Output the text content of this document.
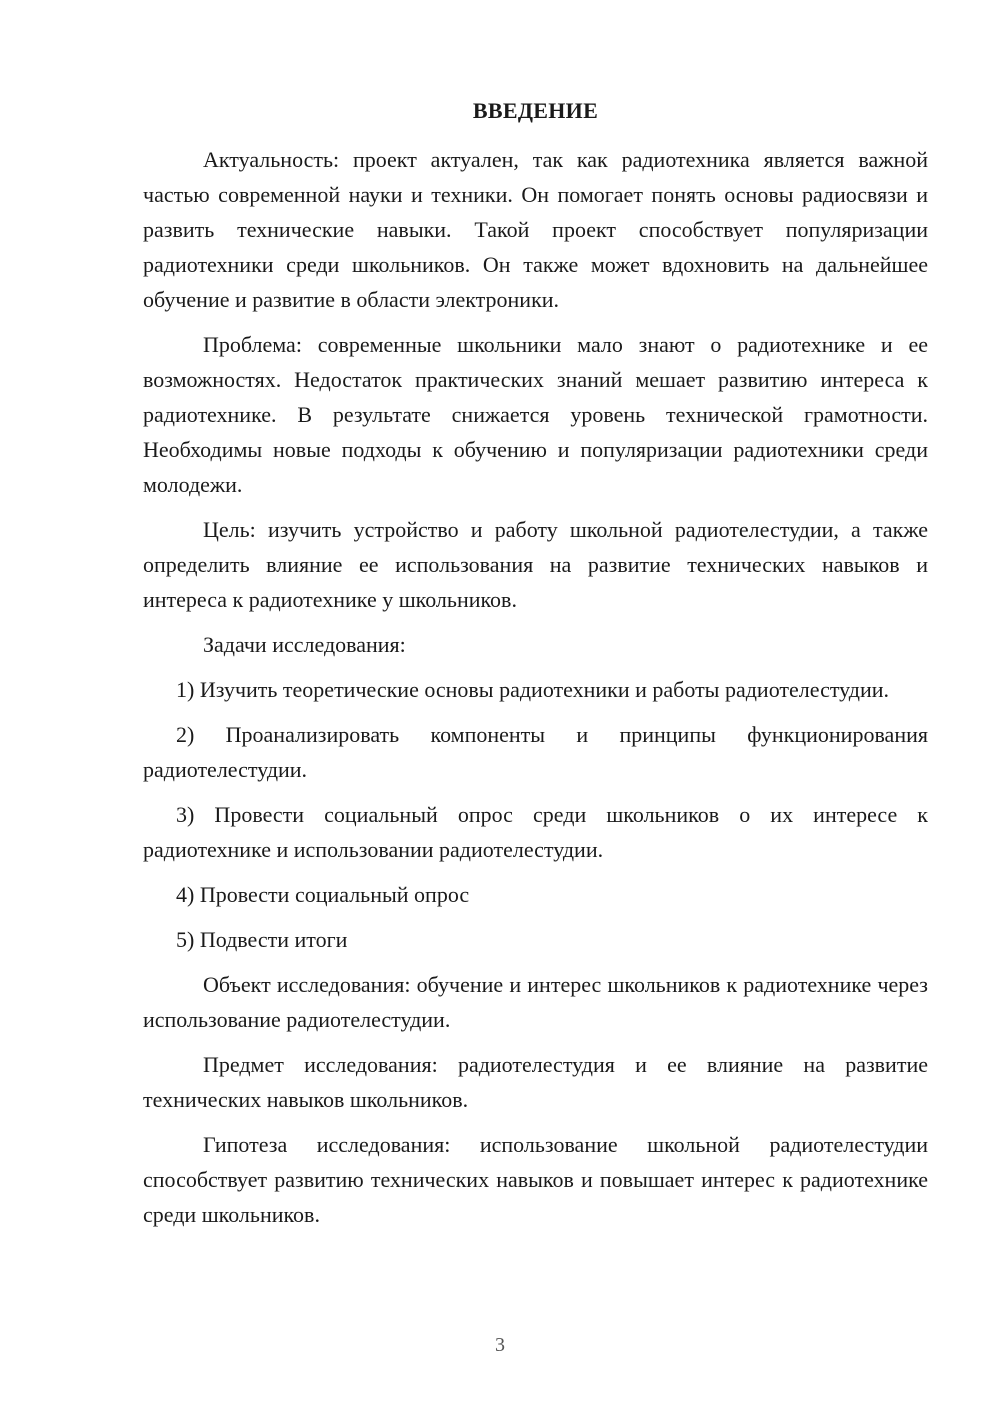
ВВЕДЕНИЕ

Актуальность: проект актуален, так как радиотехника является важной частью современной науки и техники. Он помогает понять основы радиосвязи и развить технические навыки. Такой проект способствует популяризации радиотехники среди школьников. Он также может вдохновить на дальнейшее обучение и развитие в области электроники.

Проблема: современные школьники мало знают о радиотехнике и ее возможностях. Недостаток практических знаний мешает развитию интереса к радиотехнике. В результате снижается уровень технической грамотности. Необходимы новые подходы к обучению и популяризации радиотехники среди молодежи.

Цель: изучить устройство и работу школьной радиотелестудии, а также определить влияние ее использования на развитие технических навыков и интереса к радиотехнике у школьников.

Задачи исследования:

1) Изучить теоретические основы радиотехники и работы радиотелестудии.

2) Проанализировать компоненты и принципы функционирования радиотелестудии.

3) Провести социальный опрос среди школьников о их интересе к радиотехнике и использовании радиотелестудии.

4) Провести социальный опрос

5) Подвести итоги

Объект исследования: обучение и интерес школьников к радиотехнике через использование радиотелестудии.

Предмет исследования: радиотелестудия и ее влияние на развитие технических навыков школьников.

Гипотеза исследования: использование школьной радиотелестудии способствует развитию технических навыков и повышает интерес к радиотехнике среди школьников.

3
